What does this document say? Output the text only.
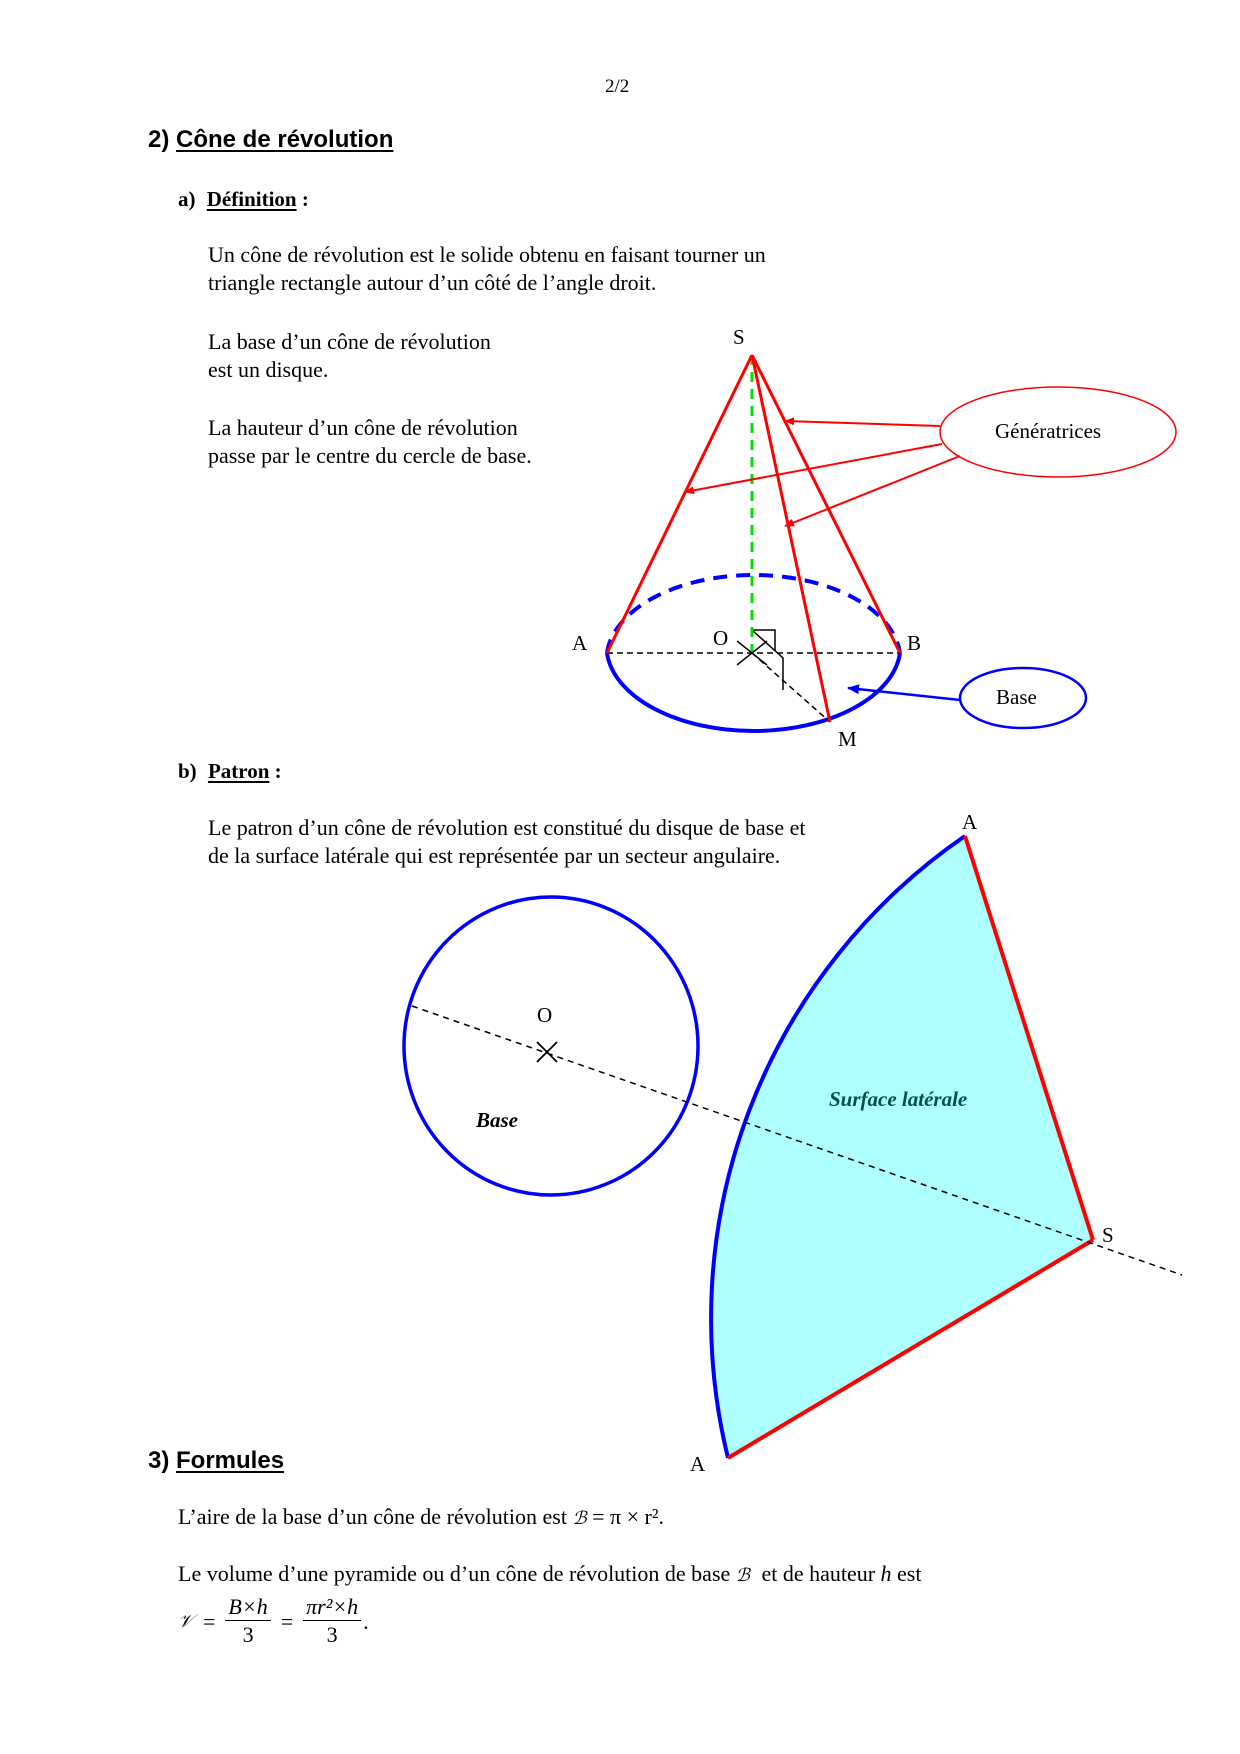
2/2
2) Cône de révolution
a) Définition :
Un cône de révolution est le solide obtenu en faisant tourner un
triangle rectangle autour d’un côté de l’angle droit.
La base d’un cône de révolution
est un disque.
La hauteur d’un cône de révolution
passe par le centre du cercle de base.
S
A	B
O
M
Génératrices
Base
b) Patron :
Le patron d’un cône de révolution est constitué du disque de base et
de la surface latérale qui est représentée par un secteur angulaire.
A
A
S
O
Base
Surface latérale
3) Formules
L’aire de la base d’un cône de révolution est ℬ = π × r².
Le volume d’une pyramide ou d’un cône de révolution de base ℬ et de hauteur h est
𝒱 = $\frac{B\times h}{3} = \frac{\text{πr²×h}}{3}$ .
